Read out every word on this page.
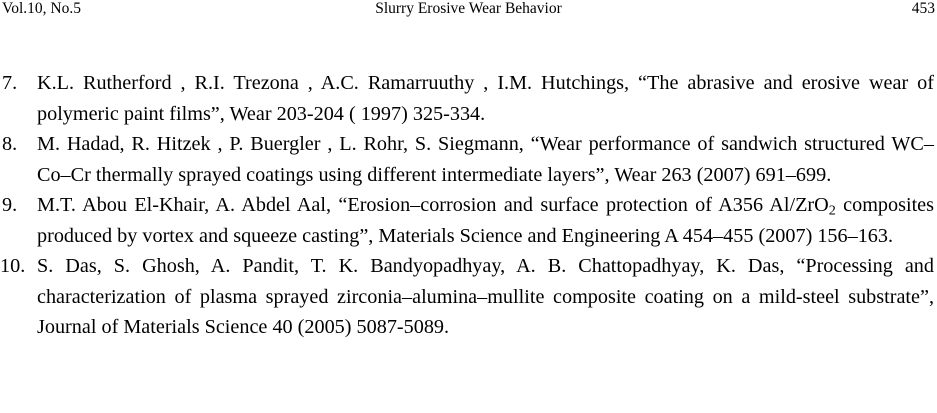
Vol.10, No.5	Slurry Erosive Wear Behavior	453
7. K.L. Rutherford , R.I. Trezona , A.C. Ramarruuthy , I.M. Hutchings, “The abrasive and erosive wear of polymeric paint films”, Wear 203-204 ( 1997) 325-334.
8. M. Hadad, R. Hitzek , P. Buergler , L. Rohr, S. Siegmann, “Wear performance of sandwich structured WC–Co–Cr thermally sprayed coatings using different intermediate layers”, Wear 263 (2007) 691–699.
9. M.T. Abou El-Khair, A. Abdel Aal, “Erosion–corrosion and surface protection of A356 Al/ZrO$_2$ composites produced by vortex and squeeze casting”, Materials Science and Engineering A 454–455 (2007) 156–163.
10. S. Das, S. Ghosh, A. Pandit, T. K. Bandyopadhyay, A. B. Chattopadhyay, K. Das, “Processing and characterization of plasma sprayed zirconia–alumina–mullite composite coating on a mild-steel substrate”, Journal of Materials Science 40 (2005) 5087-5089.
